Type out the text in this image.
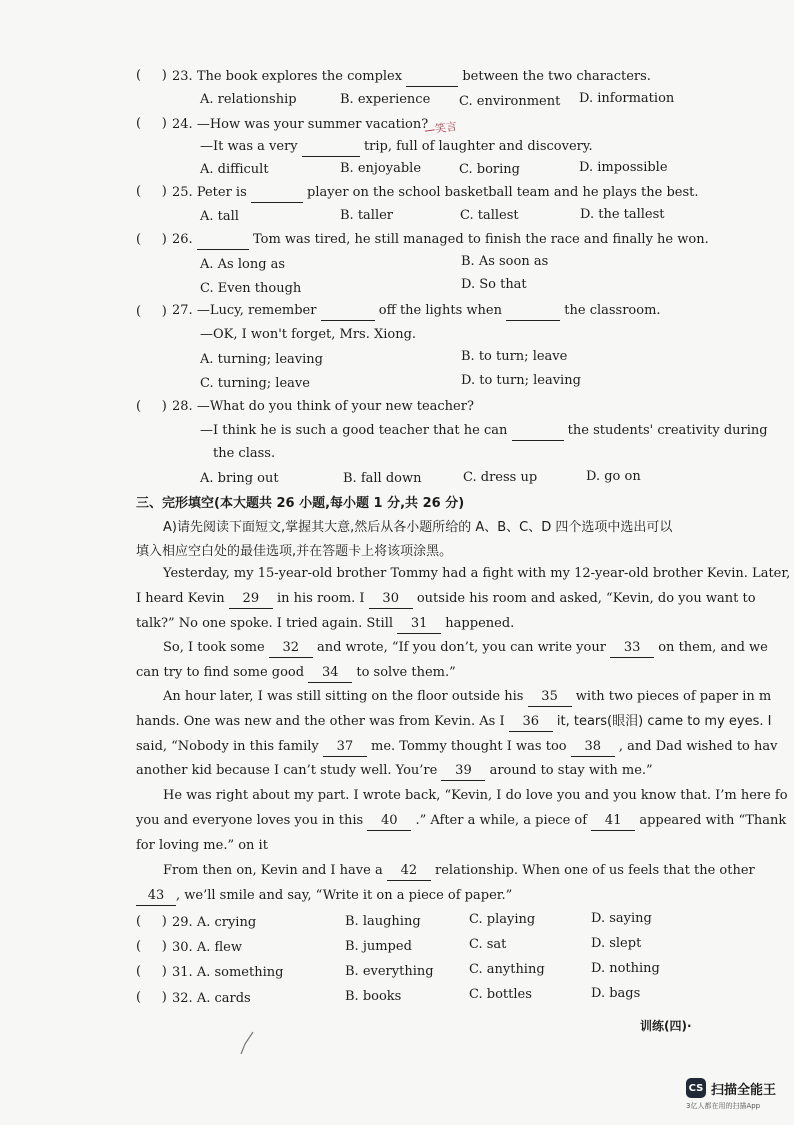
(     ) 23. The book explores the complex	between the two characters.
A. relationship	B. experience C. environment D. information
(     ) 24. —How was your summer vacation?
—笑言
—It was a very	trip, full of laughter and discovery.
A. difficult	B. enjoyable	C. boring	D. impossible
(     ) 25. Peter is	player on the school basketball team and he plays the best.
A. tall	B. taller	C. tallest	D. the tallest
(     ) 26.	Tom was tired, he still managed to finish the race and finally he won.
A. As long as	B. As soon as
C. Even though	D. So that
(     ) 27. —Lucy, remember	off the lights when	the classroom.
—OK, I won't forget, Mrs. Xiong.
A. turning; leaving	B. to turn; leave
C. turning; leave	D. to turn; leaving
(     ) 28. —What do you think of your new teacher?
—I think he is such a good teacher that he can	the students' creativity during
the class.
A. bring out	B. fall down	C. dress up	D. go on
三、完形填空(本大题共 26 小题,每小题 1 分,共 26 分)
A)请先阅读下面短文,掌握其大意,然后从各小题所给的 A、B、C、D 四个选项中选出可以
填入相应空白处的最佳选项,并在答题卡上将该项涂黑。
Yesterday, my 15-year-old brother Tommy had a fight with my 12-year-old brother Kevin. Later,
I heard Kevin 29 in his room. I 30 outside his room and asked, “Kevin, do you want to
talk?” No one spoke. I tried again. Still 31 happened.
So, I took some 32 and wrote, “If you don’t, you can write your 33 on them, and we
can try to find some good 34 to solve them.”
An hour later, I was still sitting on the floor outside his 35 with two pieces of paper in m
hands. One was new and the other was from Kevin. As I 36 it, tears(眼泪) came to my eyes. I
said, “Nobody in this family 37 me. Tommy thought I was too 38 , and Dad wished to hav
another kid because I can’t study well. You’re 39 around to stay with me.”
He was right about my part. I wrote back, “Kevin, I do love you and you know that. I’m here fo
you and everyone loves you in this 40 .” After a while, a piece of 41 appeared with “Thank
for loving me.” on it
From then on, Kevin and I have a 42 relationship. When one of us feels that the other
43 , we’ll smile and say, “Write it on a piece of paper.”
(     ) 29. A. crying	B. laughing	C. playing	D. saying
(     ) 30. A. flew	B. jumped	C. sat	D. slept
(     ) 31. A. something	B. everything	C. anything	D. nothing
(     ) 32. A. cards	B. books	C. bottles	D. bags
训练(四)·
CS 扫描全能王
3亿人都在用的扫描App
